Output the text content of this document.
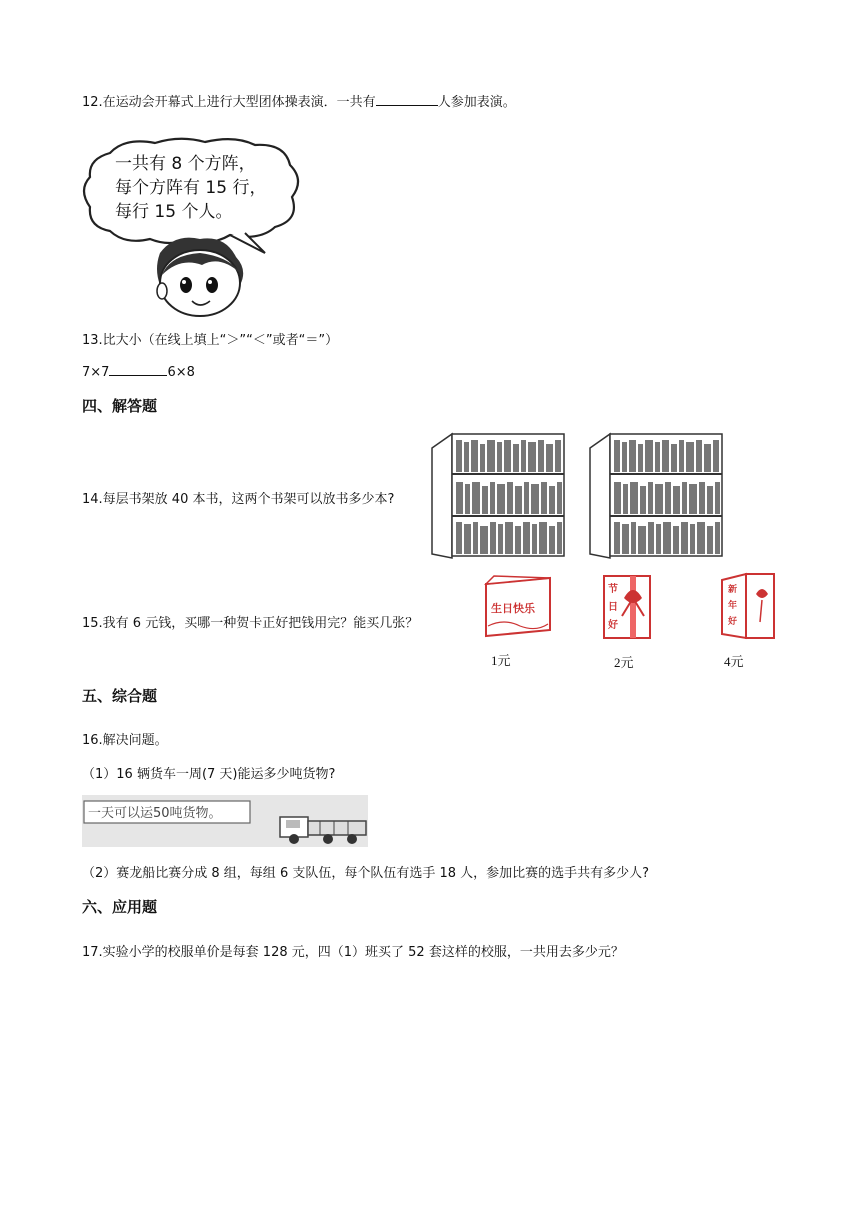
12.在运动会开幕式上进行大型团体操表演．一共有	人参加表演。
一共有 8 个方阵，
每个方阵有 15 行，
每行 15 个人。
13.比大小（在线上填上“＞”“＜”或者“＝”）
7×7	6×8
四、解答题
14.每层书架放 40 本书，这两个书架可以放书多少本?
15.我有 6 元钱，买哪一种贺卡正好把钱用完？能买几张？
生日快乐
节
日
好
新
年
好
1元	2元	4元
五、综合题
16.解决问题。
（1）16 辆货车一周(7 天)能运多少吨货物?
一天可以运50吨货物。
（2）赛龙船比赛分成 8 组，每组 6 支队伍，每个队伍有选手 18 人，参加比赛的选手共有多少人?
六、应用题
17.实验小学的校服单价是每套 128 元，四（1）班买了 52 套这样的校服，一共用去多少元？
